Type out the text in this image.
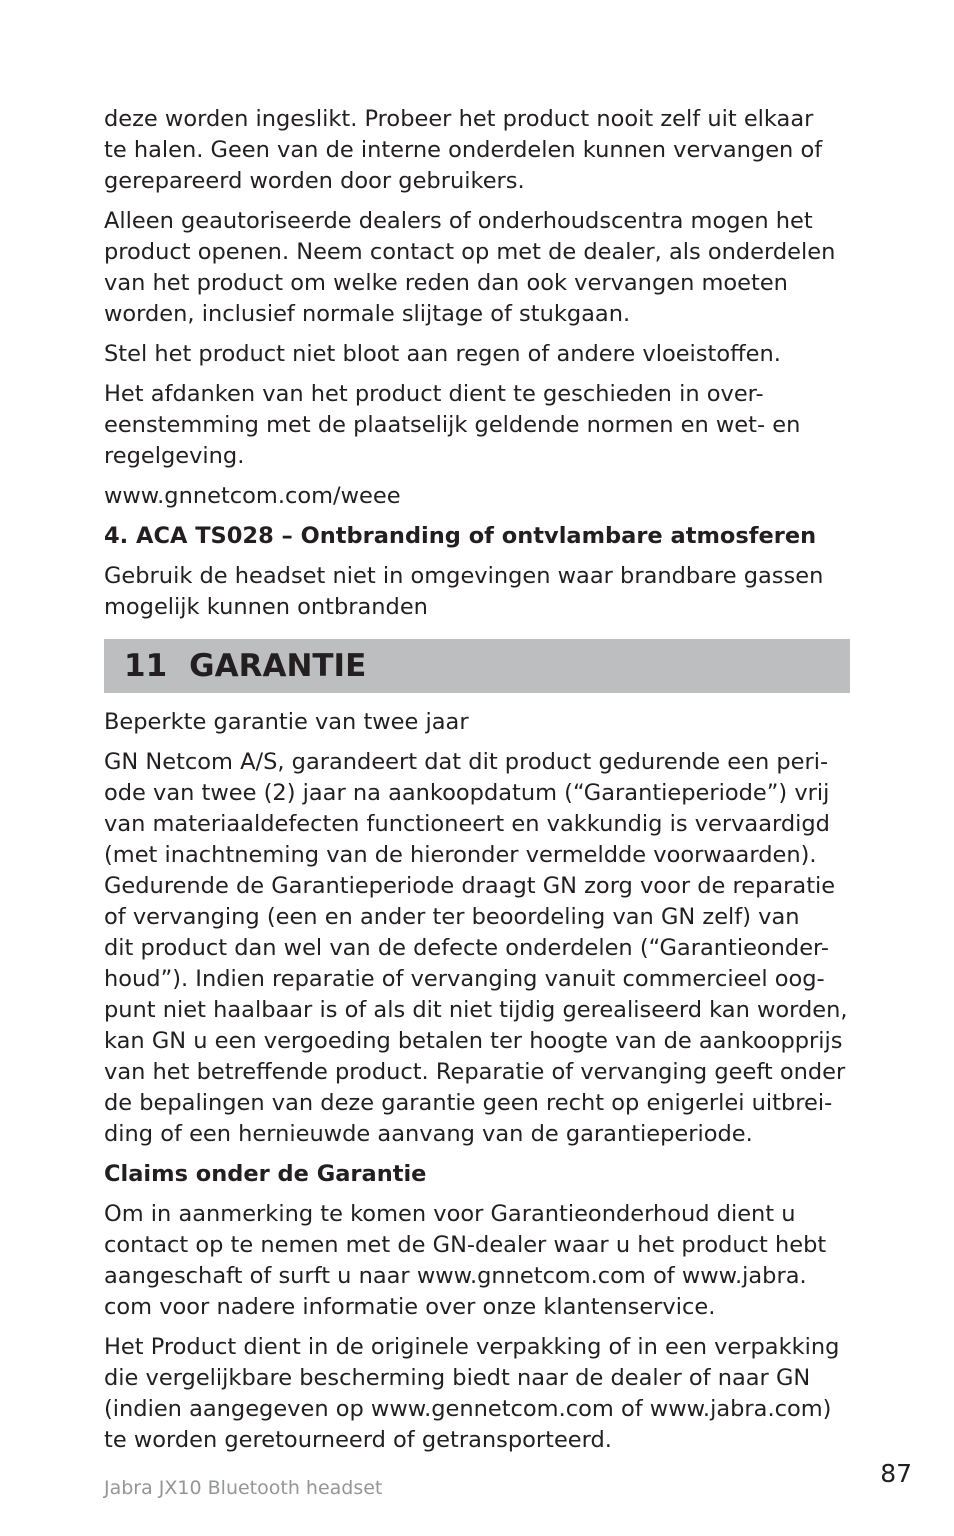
deze worden ingeslikt. Probeer het product nooit zelf uit elkaar
te halen. Geen van de interne onderdelen kunnen vervangen of
gerepareerd worden door gebruikers.

Alleen geautoriseerde dealers of onderhoudscentra mogen het
product openen. Neem contact op met de dealer, als onderdelen
van het product om welke reden dan ook vervangen moeten
worden, inclusief normale slijtage of stukgaan.

Stel het product niet bloot aan regen of andere vloeistoffen.

Het afdanken van het product dient te geschieden in over-
eenstemming met de plaatselijk geldende normen en wet- en
regelgeving.

www.gnnetcom.com/weee

4. ACA TS028 – Ontbranding of ontvlambare atmosferen

Gebruik de headset niet in omgevingen waar brandbare gassen
mogelijk kunnen ontbranden

11 GARANTIE

Beperkte garantie van twee jaar

GN Netcom A/S, garandeert dat dit product gedurende een peri-
ode van twee (2) jaar na aankoopdatum (“Garantieperiode”) vrij
van materiaaldefecten functioneert en vakkundig is vervaardigd
(met inachtneming van de hieronder vermeldde voorwaarden).
Gedurende de Garantieperiode draagt GN zorg voor de reparatie
of vervanging (een en ander ter beoordeling van GN zelf) van
dit product dan wel van de defecte onderdelen (“Garantieonder-
houd”). Indien reparatie of vervanging vanuit commercieel oog-
punt niet haalbaar is of als dit niet tijdig gerealiseerd kan worden,
kan GN u een vergoeding betalen ter hoogte van de aankoopprijs
van het betreffende product. Reparatie of vervanging geeft onder
de bepalingen van deze garantie geen recht op enigerlei uitbrei-
ding of een hernieuwde aanvang van de garantieperiode.

Claims onder de Garantie

Om in aanmerking te komen voor Garantieonderhoud dient u
contact op te nemen met de GN-dealer waar u het product hebt
aangeschaft of surft u naar www.gnnetcom.com of www.jabra.
com voor nadere informatie over onze klantenservice.

Het Product dient in de originele verpakking of in een verpakking
die vergelijkbare bescherming biedt naar de dealer of naar GN
(indien aangegeven op www.gennetcom.com of www.jabra.com)
te worden geretourneerd of getransporteerd.

Jabra JX10 Bluetooth headset	87
